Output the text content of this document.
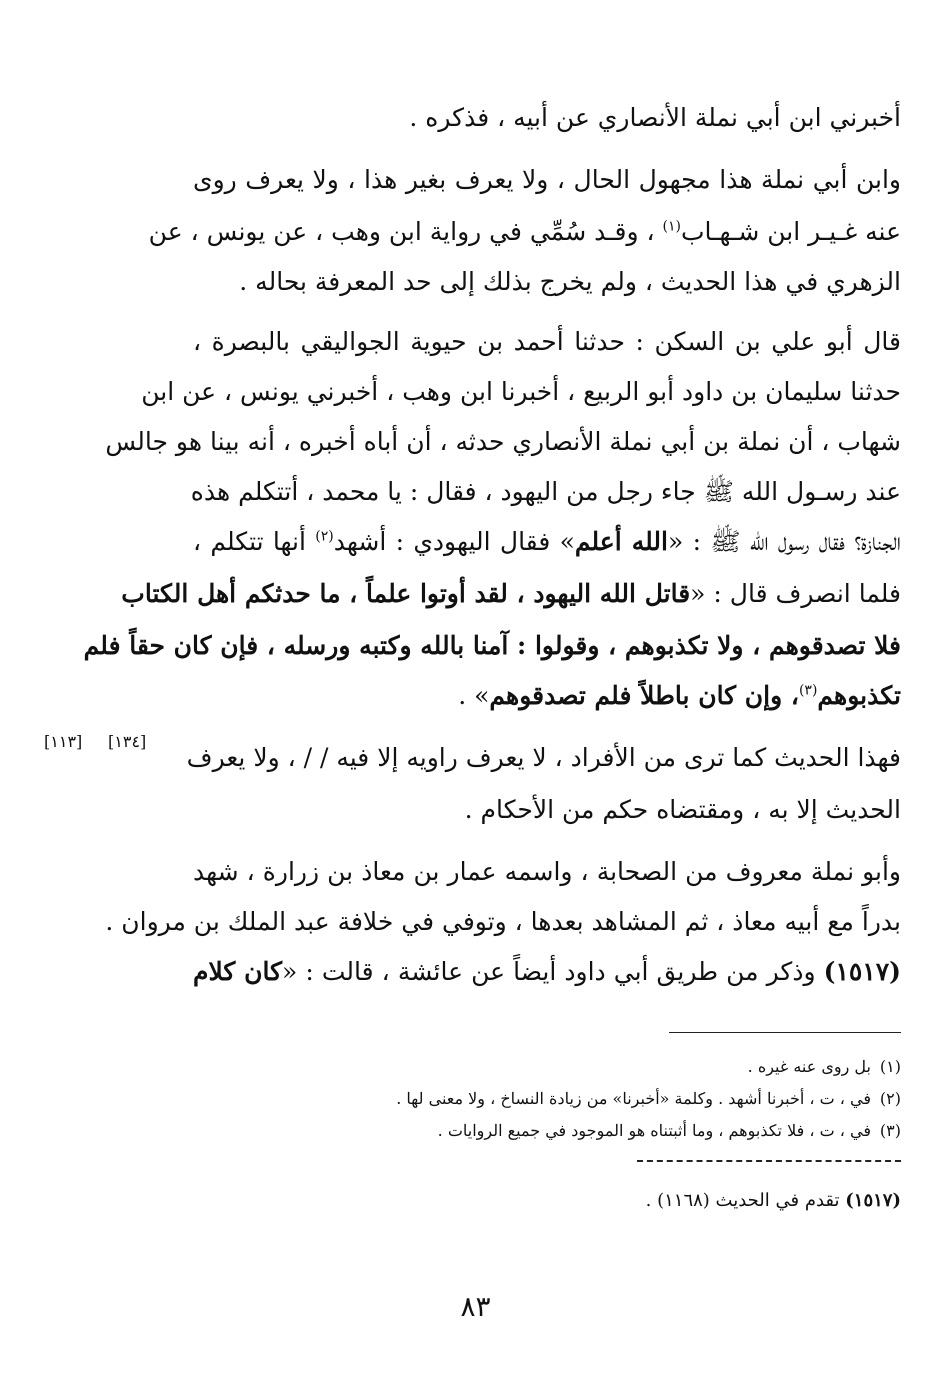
أخبرني ابن أبي نملة الأنصاري عن أبيه ، فذكره .
وابن أبي نملة هذا مجهول الحال ، ولا يعرف بغير هذا ، ولا يعرف روى
عنه غـيـر ابن شـهـاب$^{(١)}$ ، وقـد سُمِّي في رواية ابن وهب ، عن يونس ، عن
الزهري في هذا الحديث ، ولم يخرج بذلك إلى حد المعرفة بحاله .
قال أبو علي بن السكن : حدثنا أحمد بن حيوية الجواليقي بالبصرة ،
حدثنا سليمان بن داود أبو الربيع ، أخبرنا ابن وهب ، أخبرني يونس ، عن ابن
شهاب ، أن نملة بن أبي نملة الأنصاري حدثه ، أن أباه أخبره ، أنه بينا هو جالس
عند رسـول الله ﷺ جاء رجل من اليهود ، فقال : يا محمد ، أتتكلم هذه
الجنازة؟ فقال رسول الله ﷺ : «الله أعلم» فقال اليهودي : أشهد$^{(٢)}$ أنها تتكلم ،
فلما انصرف قال : «قاتل الله اليهود ، لقد أوتوا علماً ، ما حدثكم أهل الكتاب
فلا تصدقوهم ، ولا تكذبوهم ، وقولوا : آمنا بالله وكتبه ورسله ، فإن كان حقاً فلم
تكذبوهم$^{(٣)}$، وإن كان باطلاً فلم تصدقوهم» .
فهذا الحديث كما ترى من الأفراد ، لا يعرف راويه إلا فيه / / ، ولا يعرف
الحديث إلا به ، ومقتضاه حكم من الأحكام .
[١٣٤]
[١١٣]
وأبو نملة معروف من الصحابة ، واسمه عمار بن معاذ بن زرارة ، شهد
بدراً مع أبيه معاذ ، ثم المشاهد بعدها ، وتوفي في خلافة عبد الملك بن مروان .
(١٥١٧) وذكر من طريق أبي داود أيضاً عن عائشة ، قالت : «كان كلام
(١)بل روى عنه غيره .
(٢)في ، ت ، أخبرنا أشهد . وكلمة «أخبرنا» من زيادة النساخ ، ولا معنى لها .
(٣)في ، ت ، فلا تكذبوهم ، وما أثبتناه هو الموجود في جميع الروايات .
(١٥١٧) تقدم في الحديث (١١٦٨) .
٨٣
